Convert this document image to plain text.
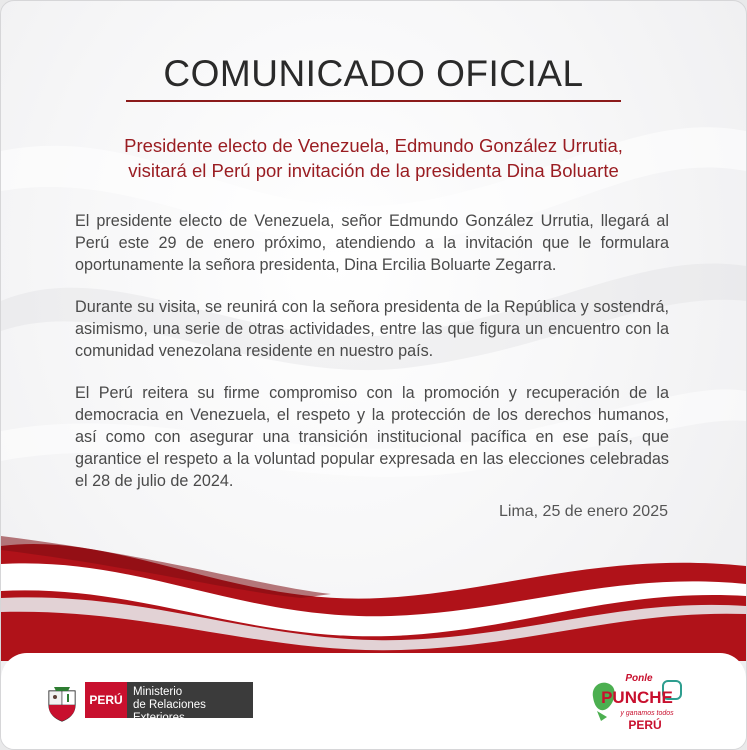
COMUNICADO OFICIAL
Presidente electo de Venezuela, Edmundo González Urrutia,
visitará el Perú por invitación de la presidenta Dina Boluarte

El presidente electo de Venezuela, señor Edmundo González Urrutia, llegará al Perú este 29 de enero próximo, atendiendo a la invitación que le formulara oportunamente la señora presidenta, Dina Ercilia Boluarte Zegarra.

Durante su visita, se reunirá con la señora presidenta de la República y sostendrá, asimismo, una serie de otras actividades, entre las que figura un encuentro con la comunidad venezolana residente en nuestro país.

El Perú reitera su firme compromiso con la promoción y recuperación de la democracia en Venezuela, el respeto y la protección de los derechos humanos, así como con asegurar una transición institucional pacífica en ese país, que garantice el respeto a la voluntad popular expresada en las elecciones celebradas el 28 de julio de 2024.

Lima, 25 de enero 2025
PERÚ
Ministerio
de Relaciones Exteriores
Ponle
PUNCHE
y ganamos todos
PERÚ
